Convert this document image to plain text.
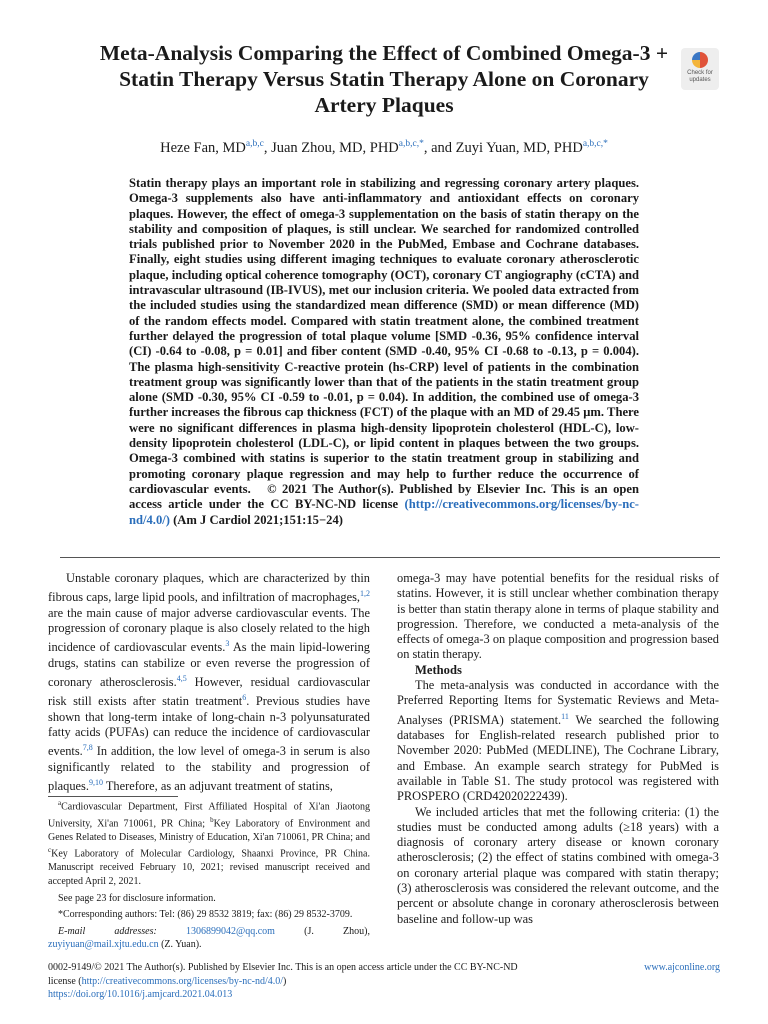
Meta-Analysis Comparing the Effect of Combined Omega-3 + Statin Therapy Versus Statin Therapy Alone on Coronary Artery Plaques
Check for
updates
Heze Fan, MD$^{a,b,c}$, Juan Zhou, MD, $PHD^{a,b,c,*}$, and Zuyi Yuan, MD, $PHD^{a,b,c,*}$
Statin therapy plays an important role in stabilizing and regressing coronary artery plaques. Omega-3 supplements also have anti-inflammatory and antioxidant effects on coronary plaques. However, the effect of omega-3 supplementation on the basis of statin therapy on the stability and composition of plaques, is still unclear. We searched for randomized controlled trials published prior to November 2020 in the PubMed, Embase and Cochrane databases. Finally, eight studies using different imaging techniques to evaluate coronary atherosclerotic plaque, including optical coherence tomography (OCT), coronary CT angiography (cCTA) and intravascular ultrasound (IB-IVUS), met our inclusion criteria. We pooled data extracted from the included studies using the standardized mean difference (SMD) or mean difference (MD) of the random effects model. Compared with statin treatment alone, the combined treatment further delayed the progression of total plaque volume [SMD -0.36, 95% confidence interval (CI) -0.64 to -0.08, p = 0.01] and fiber content (SMD -0.40, 95% CI -0.68 to -0.13, p = 0.004). The plasma high-sensitivity C-reactive protein (hs-CRP) level of patients in the combination treatment group was significantly lower than that of the patients in the statin treatment group alone (SMD -0.30, 95% CI -0.59 to -0.01, p = 0.04). In addition, the combined use of omega-3 further increases the fibrous cap thickness (FCT) of the plaque with an MD of 29.45 μm. There were no significant differences in plasma high-density lipoprotein cholesterol (HDL-C), low-density lipoprotein cholesterol (LDL-C), or lipid content in plaques between the two groups. Omega-3 combined with statins is superior to the statin treatment group in stabilizing and promoting coronary plaque regression and may help to further reduce the occurrence of cardiovascular events. © 2021 The Author(s). Published by Elsevier Inc. This is an open access article under the CC BY-NC-ND license (http://creativecommons.org/licenses/by-nc-nd/4.0/) (Am J Cardiol 2021;151:15−24)

Unstable coronary plaques, which are characterized by thin fibrous caps, large lipid pools, and infiltration of macrophages,$^{1,2}$ are the main cause of major adverse cardiovascular events. The progression of coronary plaque is also closely related to the high incidence of cardiovascular events.$^3$ As the main lipid-lowering drugs, statins can stabilize or even reverse the progression of coronary atherosclerosis.$^{4,5}$ However, residual cardiovascular risk still exists after statin treatment$^6$. Previous studies have shown that long-term intake of long-chain n-3 polyunsaturated fatty acids (PUFAs) can reduce the incidence of cardiovascular events.$^{7,8}$ In addition, the low level of omega-3 in serum is also significantly related to the stability and progression of plaques.$^{9,10}$ Therefore, as an adjuvant treatment of statins,

$^a$Cardiovascular Department, First Affiliated Hospital of Xi'an Jiaotong University, Xi'an 710061, PR China; $^b$Key Laboratory of Environment and Genes Related to Diseases, Ministry of Education, Xi'an 710061, PR China; and $^c$Key Laboratory of Molecular Cardiology, Shaanxi Province, PR China. Manuscript received February 10, 2021; revised manuscript received and accepted April 2, 2021.

See page 23 for disclosure information.

*Corresponding authors: Tel: (86) 29 8532 3819; fax: (86) 29 8532-3709.

E-mail addresses:	1306899042@qq.com (J. Zhou), zuyiyuan@mail.xjtu.edu.cn (Z. Yuan).

omega-3 may have potential benefits for the residual risks of statins. However, it is still unclear whether combination therapy is better than statin therapy alone in terms of plaque stability and progression. Therefore, we conducted a meta-analysis of the effects of omega-3 on plaque composition and progression based on statin therapy.

Methods

The meta-analysis was conducted in accordance with the Preferred Reporting Items for Systematic Reviews and Meta-Analyses (PRISMA) statement.$^{11}$ We searched the following databases for English-related research published prior to November 2020: PubMed (MEDLINE), The Cochrane Library, and Embase. An example search strategy for PubMed is available in Table S1. The study protocol was registered with PROSPERO (CRD42020222439).

We included articles that met the following criteria: (1) the studies must be conducted among adults (≥18 years) with a diagnosis of coronary artery disease or known coronary atherosclerosis; (2) the effect of statins combined with omega-3 on coronary arterial plaque was compared with statin therapy; (3) atherosclerosis was considered the relevant outcome, and the percent or absolute change in coronary atherosclerosis between baseline and follow-up was

0002-9149/© 2021 The Author(s). Published by Elsevier Inc. This is an open access article under the CC BY-NC-ND
license (http://creativecommons.org/licenses/by-nc-nd/4.0/)
https://doi.org/10.1016/j.amjcard.2021.04.013
www.ajconline.org
